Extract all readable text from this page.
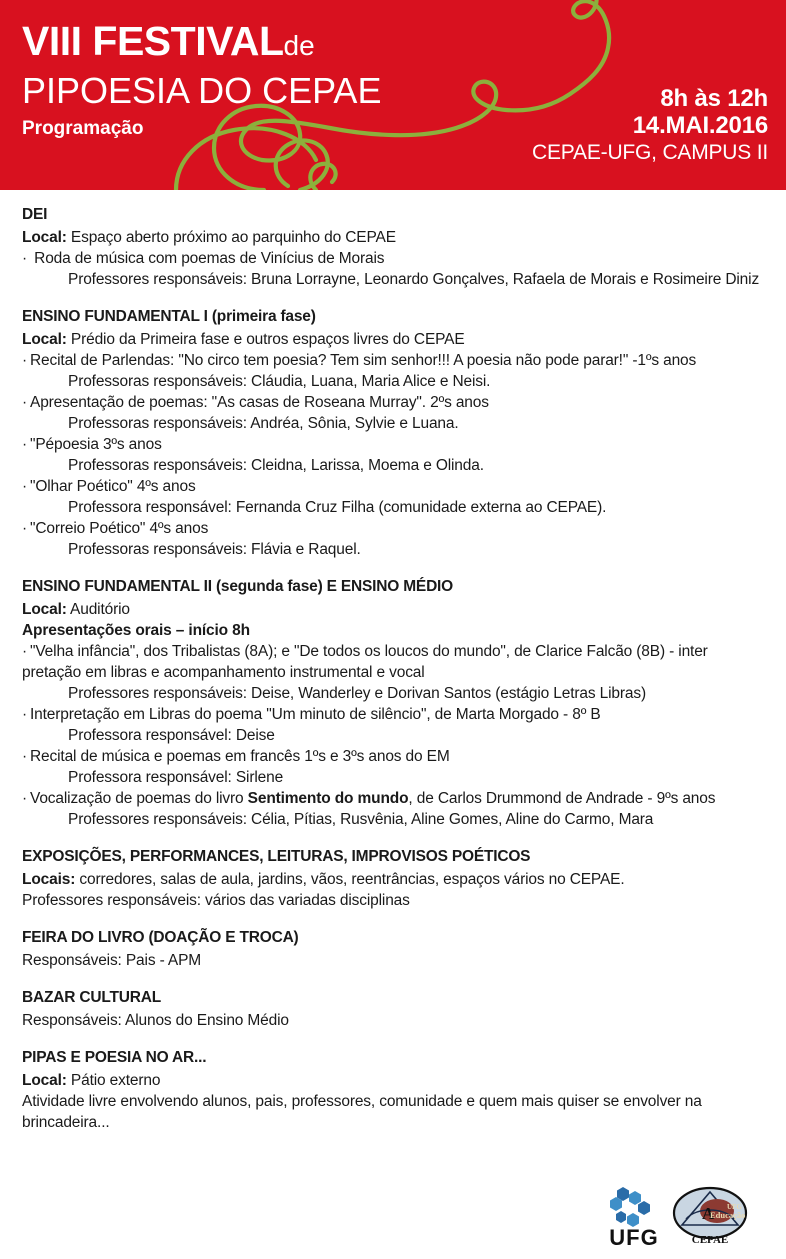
VIII FESTIVALde
PIPOESIA DO CEPAE
Programação
8h às 12h
14.MAI.2016
CEPAE-UFG, CAMPUS II
DEI
Local: Espaço aberto próximo ao parquinho do CEPAE
· Roda de música com poemas de Vinícius de Morais
Professores responsáveis: Bruna Lorrayne, Leonardo Gonçalves, Rafaela de Morais e Rosimeire Diniz
ENSINO FUNDAMENTAL I (primeira fase)
Local: Prédio da Primeira fase e outros espaços livres do CEPAE
· Recital de Parlendas: "No circo tem poesia? Tem sim senhor!!! A poesia não pode parar!" -1ºs anos
Professoras responsáveis: Cláudia, Luana, Maria Alice e Neisi.
· Apresentação de poemas: "As casas de Roseana Murray". 2ºs anos
Professoras responsáveis: Andréa, Sônia, Sylvie e Luana.
· "Pépoesia 3ºs anos
Professoras responsáveis: Cleidna, Larissa, Moema e Olinda.
· "Olhar Poético" 4ºs anos
Professora responsável: Fernanda Cruz Filha (comunidade externa ao CEPAE).
· "Correio Poético" 4ºs anos
Professoras responsáveis: Flávia e Raquel.
ENSINO FUNDAMENTAL II (segunda fase) E ENSINO MÉDIO
Local: Auditório
Apresentações orais – início 8h
· "Velha infância", dos Tribalistas (8A); e "De todos os loucos do mundo", de Clarice Falcão (8B) - inter pretação em libras e acompanhamento instrumental e vocal
Professores responsáveis: Deise, Wanderley e Dorivan Santos (estágio Letras Libras)
· Interpretação em Libras do poema "Um minuto de silêncio", de Marta Morgado - 8º B
Professora responsável: Deise
· Recital de música e poemas em francês 1ºs e 3ºs anos do EM
Professora responsável: Sirlene
· Vocalização de poemas do livro Sentimento do mundo, de Carlos Drummond de Andrade - 9ºs anos
Professores responsáveis: Célia, Pítias, Rusvênia, Aline Gomes, Aline do Carmo, Mara
EXPOSIÇÕES, PERFORMANCES, LEITURAS, IMPROVISOS POÉTICOS
Locais: corredores, salas de aula, jardins, vãos, reentrâncias, espaços vários no CEPAE.
Professores responsáveis: vários das variadas disciplinas
FEIRA DO LIVRO (DOAÇÃO E TROCA)
Responsáveis: Pais - APM
BAZAR CULTURAL
Responsáveis: Alunos do Ensino Médio
PIPAS E POESIA NO AR...
Local: Pátio externo
Atividade livre envolvendo alunos, pais, professores, comunidade e quem mais quiser se envolver na brincadeira...
UFG
A UFG
Educação
CEPAE
